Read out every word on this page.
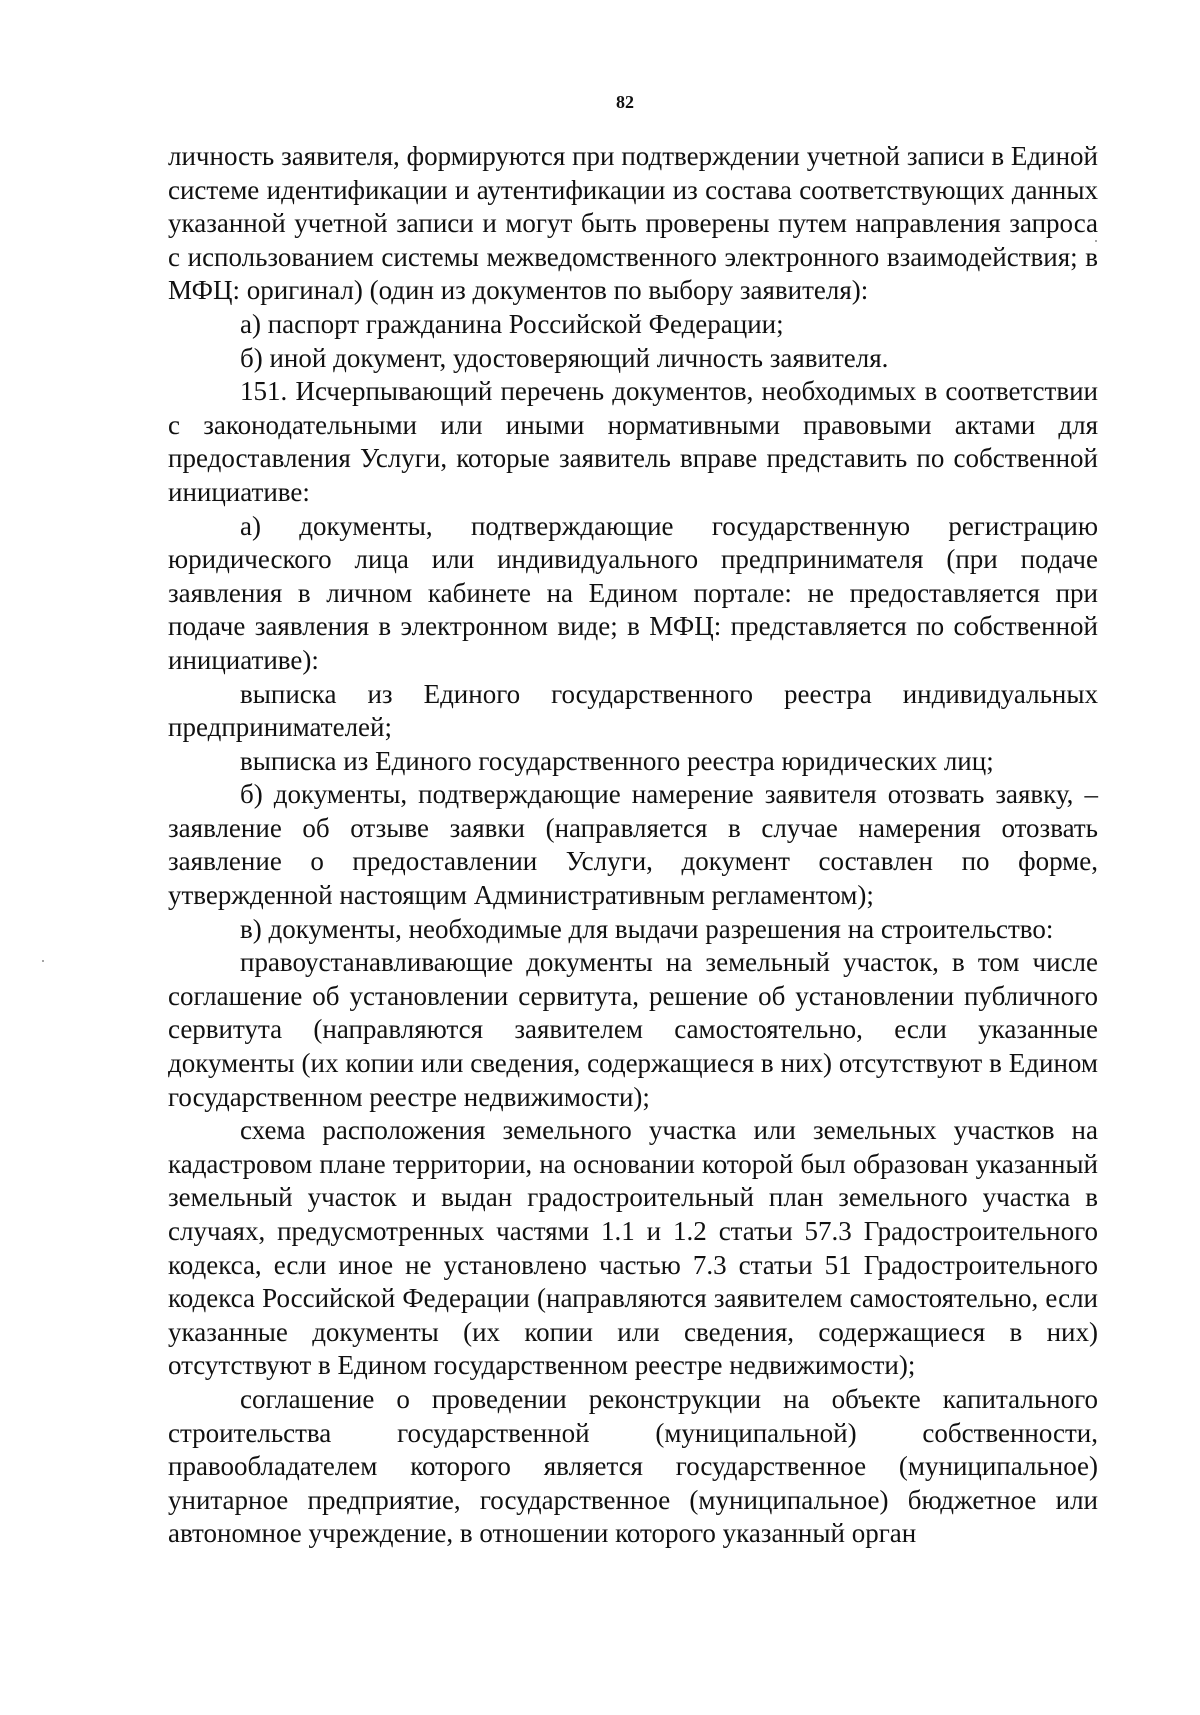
82

личность заявителя, формируются при подтверждении учетной записи в Единой системе идентификации и аутентификации из состава соответствующих данных указанной учетной записи и могут быть проверены путем направления запроса с использованием системы межведомственного электронного взаимодействия; в МФЦ: оригинал) (один из документов по выбору заявителя):

а) паспорт гражданина Российской Федерации;

б) иной документ, удостоверяющий личность заявителя.

151. Исчерпывающий перечень документов, необходимых в соответствии с законодательными или иными нормативными правовыми актами для предоставления Услуги, которые заявитель вправе представить по собственной инициативе:

а) документы, подтверждающие государственную регистрацию юридического лица или индивидуального предпринимателя (при подаче заявления в личном кабинете на Едином портале: не предоставляется при подаче заявления в электронном виде; в МФЦ: представляется по собственной инициативе):

выписка из Единого государственного реестра индивидуальных предпринимателей;

выписка из Единого государственного реестра юридических лиц;

б) документы, подтверждающие намерение заявителя отозвать заявку, – заявление об отзыве заявки (направляется в случае намерения отозвать заявление о предоставлении Услуги, документ составлен по форме, утвержденной настоящим Административным регламентом);

в) документы, необходимые для выдачи разрешения на строительство:

правоустанавливающие документы на земельный участок, в том числе соглашение об установлении сервитута, решение об установлении публичного сервитута (направляются заявителем самостоятельно, если указанные документы (их копии или сведения, содержащиеся в них) отсутствуют в Едином государственном реестре недвижимости);

схема расположения земельного участка или земельных участков на кадастровом плане территории, на основании которой был образован указанный земельный участок и выдан градостроительный план земельного участка в случаях, предусмотренных частями 1.1 и 1.2 статьи 57.3 Градостроительного кодекса, если иное не установлено частью 7.3 статьи 51 Градостроительного кодекса Российской Федерации (направляются заявителем самостоятельно, если указанные документы (их копии или сведения, содержащиеся в них) отсутствуют в Едином государственном реестре недвижимости);

соглашение о проведении реконструкции на объекте капитального строительства государственной (муниципальной) собственности, правообладателем которого является государственное (муниципальное) унитарное предприятие, государственное (муниципальное) бюджетное или автономное учреждение, в отношении которого указанный орган
